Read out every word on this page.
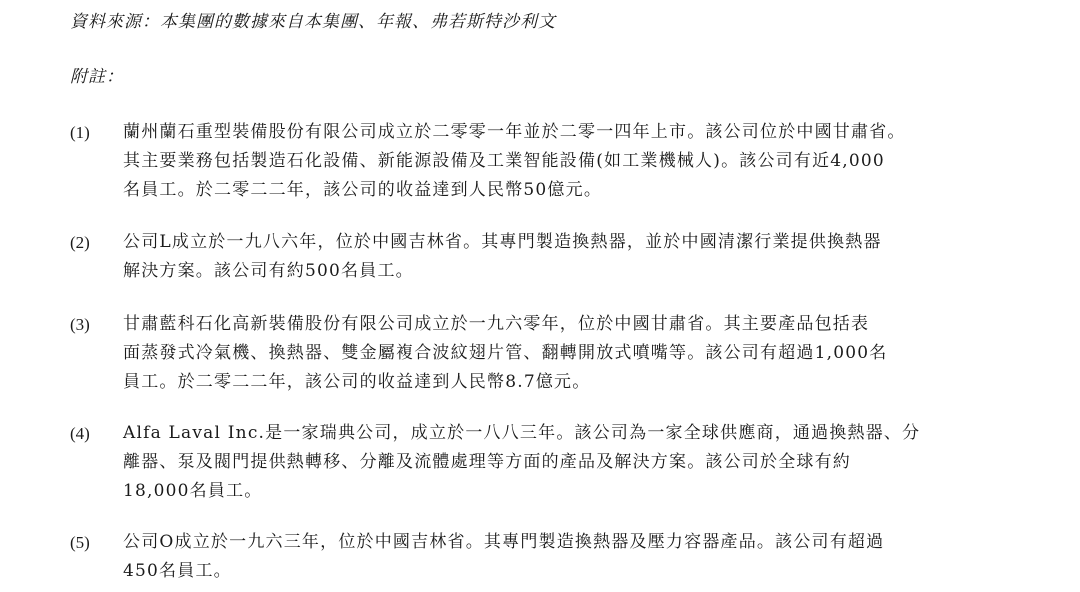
資料來源：本集團的數據來自本集團、年報、弗若斯特沙利文
附註：
(1) 蘭州蘭石重型裝備股份有限公司成立於二零零一年並於二零一四年上市。該公司位於中國甘肅省。
其主要業務包括製造石化設備、新能源設備及工業智能設備(如工業機械人)。該公司有近4,000
名員工。於二零二二年，該公司的收益達到人民幣50億元。
(2) 公司L成立於一九八六年，位於中國吉林省。其專門製造換熱器，並於中國清潔行業提供換熱器
解決方案。該公司有約500名員工。
(3) 甘肅藍科石化高新裝備股份有限公司成立於一九六零年，位於中國甘肅省。其主要產品包括表
面蒸發式冷氣機、換熱器、雙金屬複合波紋翅片管、翻轉開放式噴嘴等。該公司有超過1,000名
員工。於二零二二年，該公司的收益達到人民幣8.7億元。
(4) Alfa Laval Inc.是一家瑞典公司，成立於一八八三年。該公司為一家全球供應商，通過換熱器、分
離器、泵及閥門提供熱轉移、分離及流體處理等方面的產品及解決方案。該公司於全球有約
18,000名員工。
(5) 公司O成立於一九六三年，位於中國吉林省。其專門製造換熱器及壓力容器產品。該公司有超過
450名員工。
